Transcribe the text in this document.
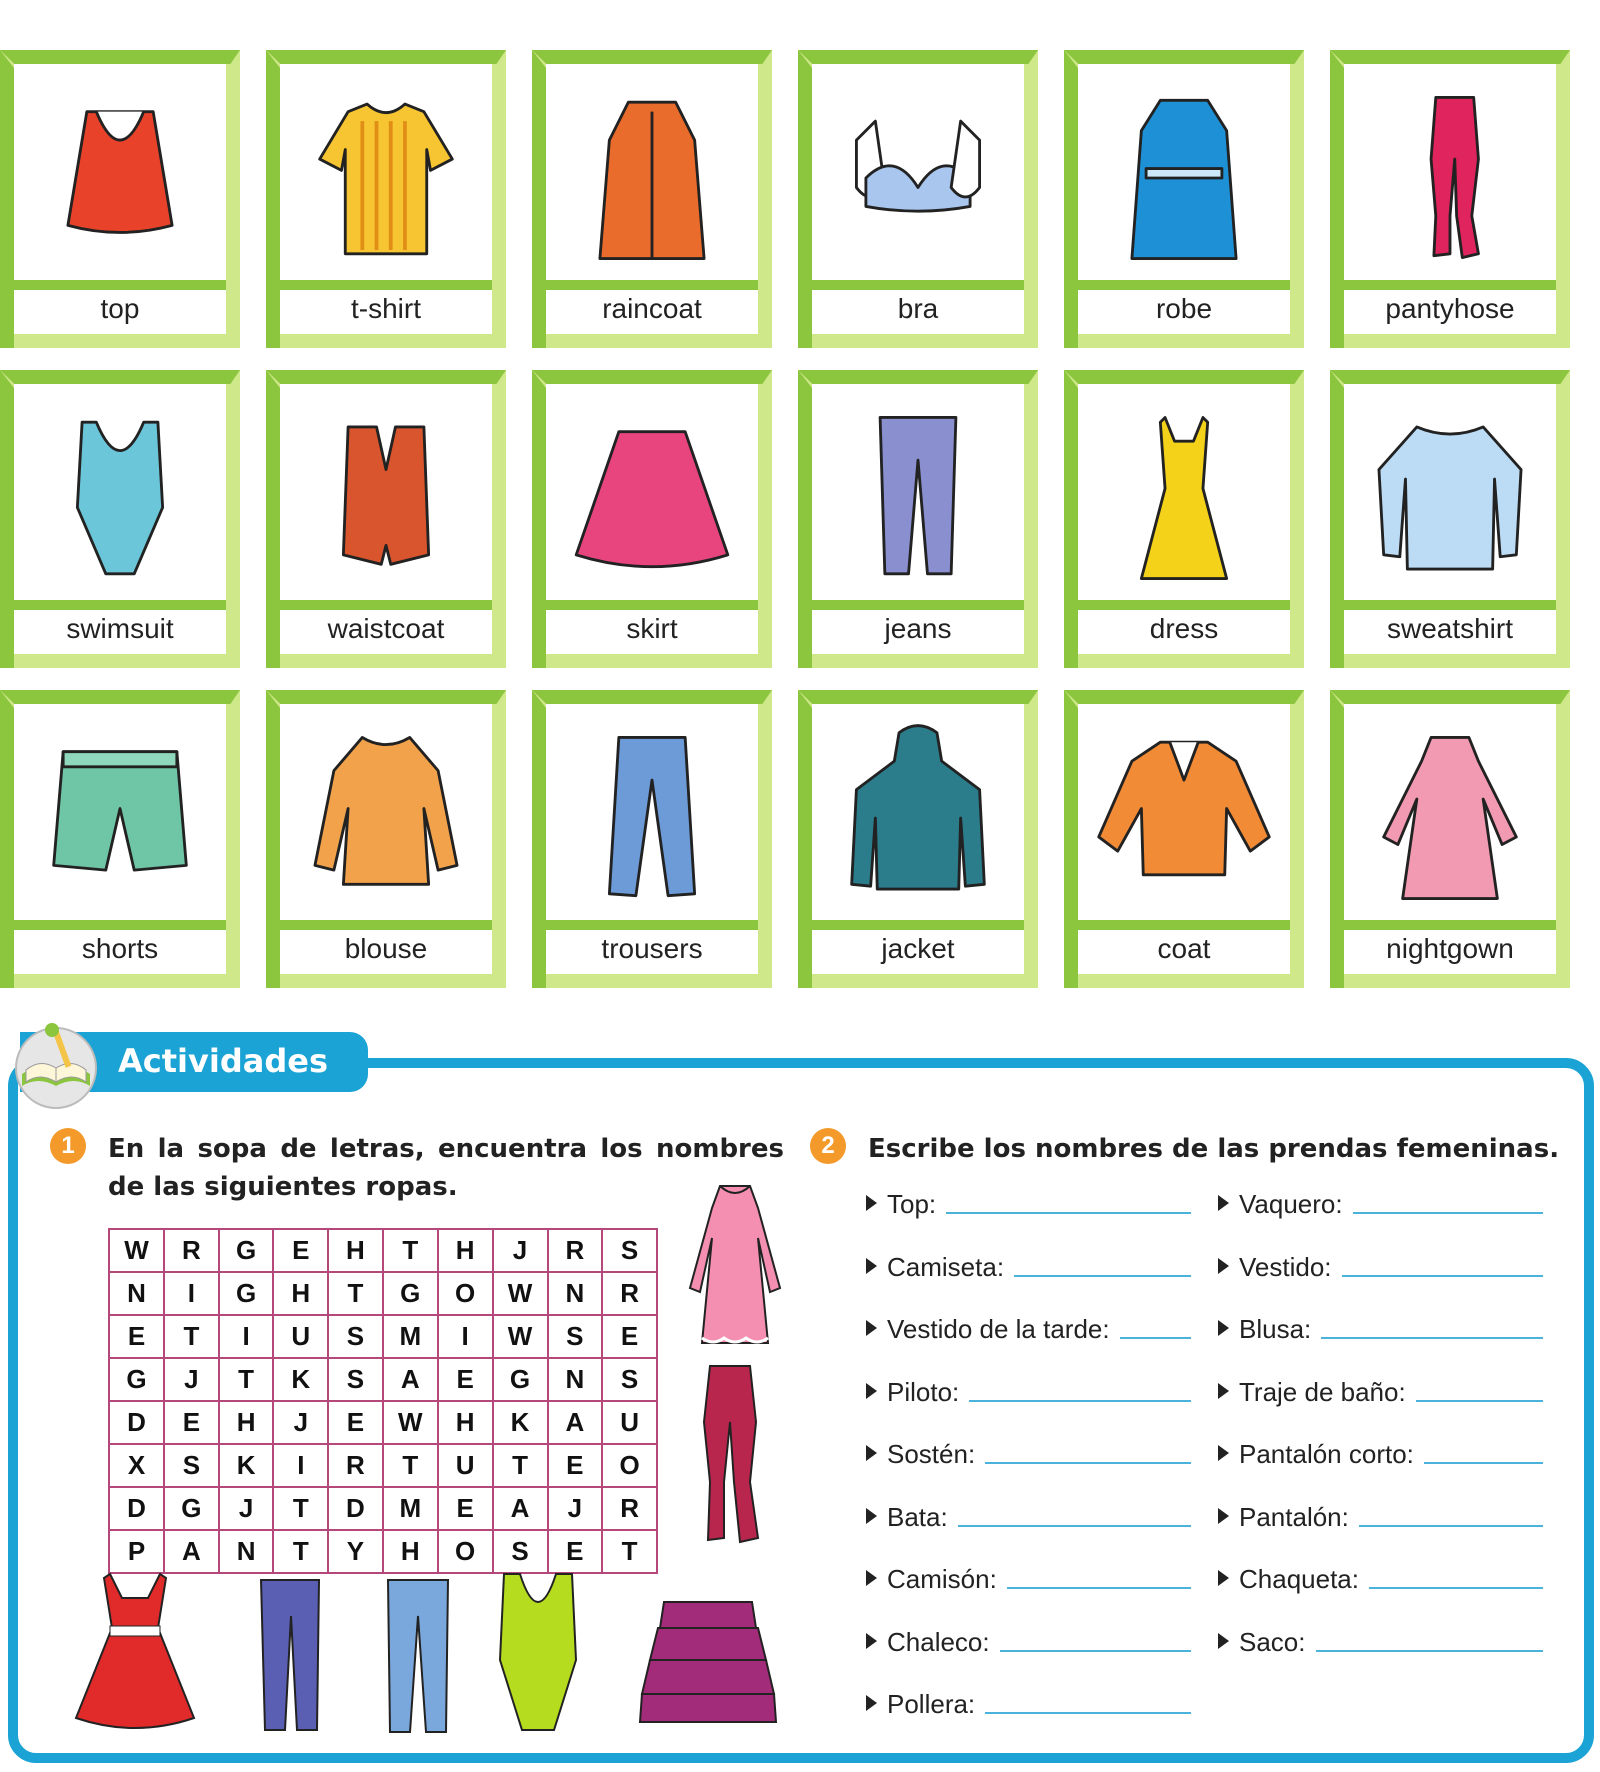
top	t-shirt	raincoat	bra	robe	pantyhose
swimsuit	waistcoat	skirt	jeans	dress	sweatshirt
shorts	blouse	trousers	jacket	coat	nightgown
Actividades
1	En la sopa de letras, encuentra los nombres de las siguientes ropas.
W	R	G	E	H	T	H	J	R	S
N	I	G	H	T	G	O	W	N	R
E	T	I	U	S	M	I	W	S	E
G	J	T	K	S	A	E	G	N	S
D	E	H	J	E	W	H	K	A	U
X	S	K	I	R	T	U	T	E	O
D	G	J	T	D	M	E	A	J	R
P	A	N	T	Y	H	O	S	E	T
2	Escribe los nombres de las prendas femeninas.
Top:
Camiseta:
Vestido de la tarde:
Piloto:
Sostén:
Bata:
Camisón:
Chaleco:
Pollera:
Vaquero:
Vestido:
Blusa:
Traje de baño:
Pantalón corto:
Pantalón:
Chaqueta:
Saco:
